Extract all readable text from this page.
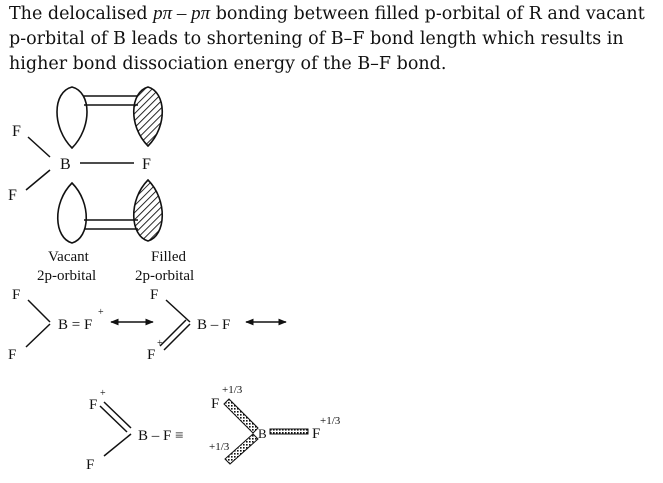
The delocalised pπ – pπ bonding between filled p-orbital of R and vacant p-orbital of B leads to shortening of B–F bond length which results in higher bond dissociation energy of the B–F bond.

F
F
B	F
Vacant
2p-orbital
Filled
2p-orbital
F
F
B = F
+
F
F
+
B – F
F
+
F
B – F ≡
+1/3
F
B	F
+1/3
+1/3
